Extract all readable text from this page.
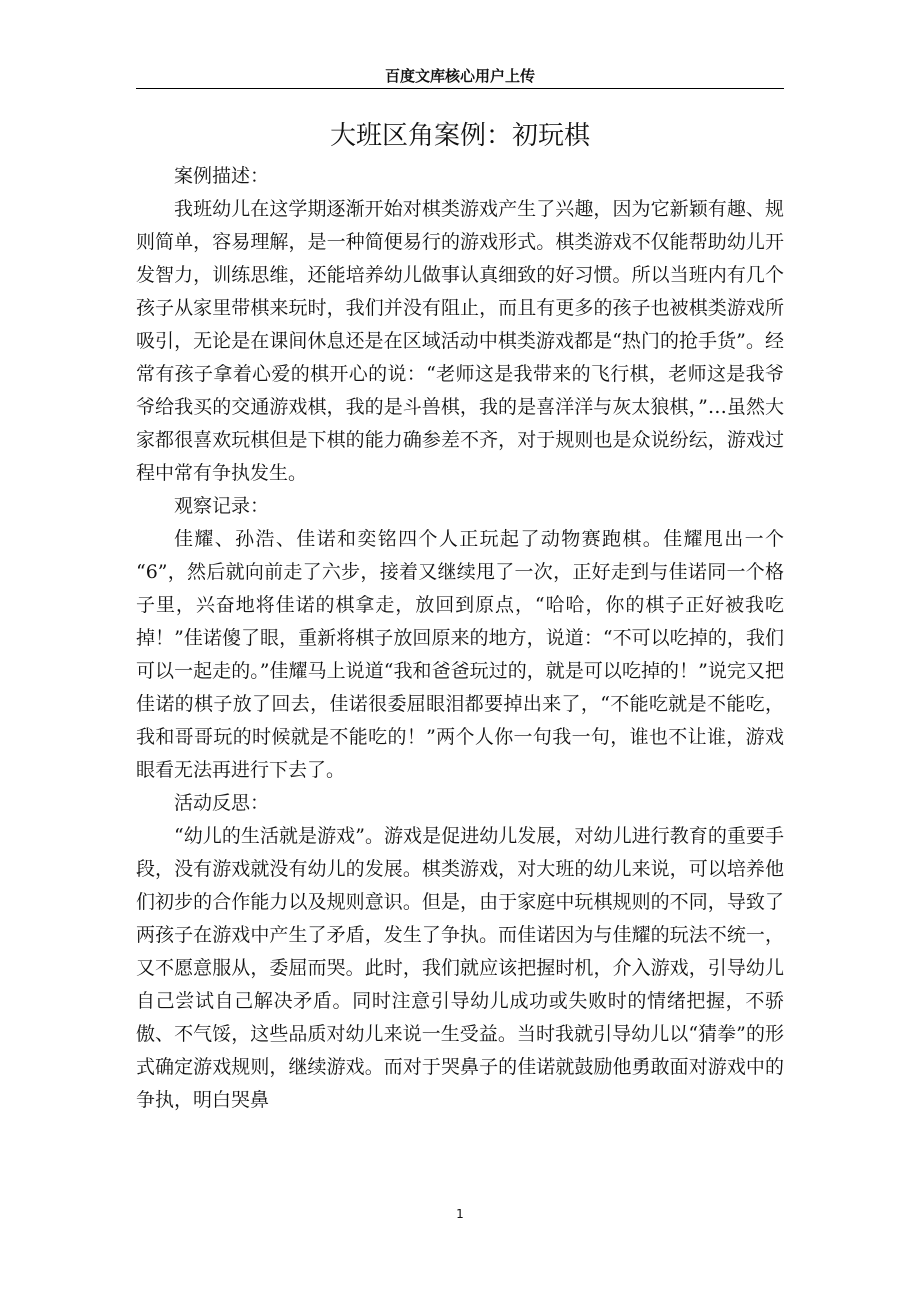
百度文库核心用户上传
大班区角案例：初玩棋
案例描述：

我班幼儿在这学期逐渐开始对棋类游戏产生了兴趣，因为它新颖有趣、规则简单，容易理解，是一种简便易行的游戏形式。棋类游戏不仅能帮助幼儿开发智力，训练思维，还能培养幼儿做事认真细致的好习惯。所以当班内有几个孩子从家里带棋来玩时，我们并没有阻止，而且有更多的孩子也被棋类游戏所吸引，无论是在课间休息还是在区域活动中棋类游戏都是“热门的抢手货”。经常有孩子拿着心爱的棋开心的说：“老师这是我带来的飞行棋，老师这是我爷爷给我买的交通游戏棋，我的是斗兽棋，我的是喜洋洋与灰太狼棋，”…虽然大家都很喜欢玩棋但是下棋的能力确参差不齐，对于规则也是众说纷纭，游戏过程中常有争执发生。

观察记录：

佳耀、孙浩、佳诺和奕铭四个人正玩起了动物赛跑棋。佳耀甩出一个 “6”，然后就向前走了六步，接着又继续甩了一次，正好走到与佳诺同一个格子里，兴奋地将佳诺的棋拿走，放回到原点，“哈哈，你的棋子正好被我吃掉！”佳诺傻了眼，重新将棋子放回原来的地方，说道：“不可以吃掉的，我们可以一起走的。”佳耀马上说道“我和爸爸玩过的，就是可以吃掉的！”说完又把佳诺的棋子放了回去，佳诺很委屈眼泪都要掉出来了，“不能吃就是不能吃，我和哥哥玩的时候就是不能吃的！”两个人你一句我一句，谁也不让谁，游戏眼看无法再进行下去了。

活动反思：

“幼儿的生活就是游戏”。游戏是促进幼儿发展，对幼儿进行教育的重要手段，没有游戏就没有幼儿的发展。棋类游戏，对大班的幼儿来说，可以培养他们初步的合作能力以及规则意识。但是，由于家庭中玩棋规则的不同，导致了两孩子在游戏中产生了矛盾，发生了争执。而佳诺因为与佳耀的玩法不统一，又不愿意服从，委屈而哭。此时，我们就应该把握时机，介入游戏，引导幼儿自己尝试自己解决矛盾。同时注意引导幼儿成功或失败时的情绪把握，不骄傲、不气馁，这些品质对幼儿来说一生受益。当时我就引导幼儿以“猜拳”的形式确定游戏规则，继续游戏。而对于哭鼻子的佳诺就鼓励他勇敢面对游戏中的争执，明白哭鼻

1
